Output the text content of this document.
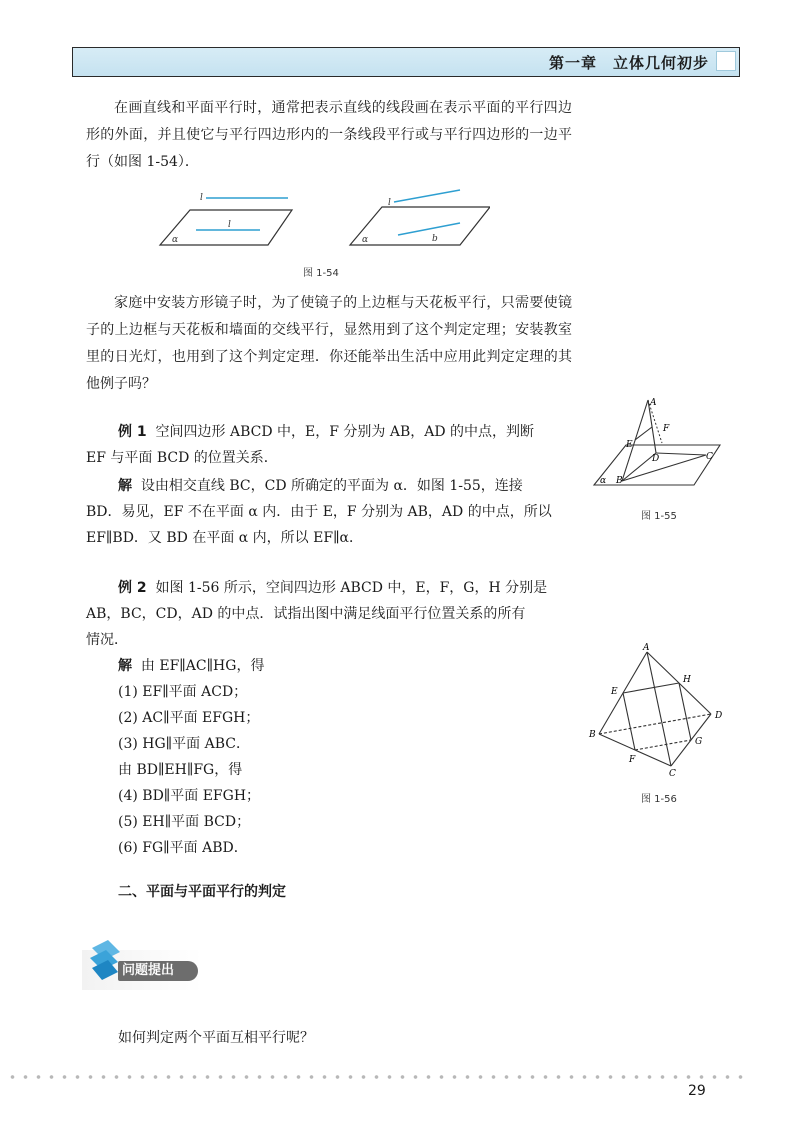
第一章　立体几何初步

在画直线和平面平行时，通常把表示直线的线段画在表示平面的平行四边形的外面，并且使它与平行四边形内的一条线段平行或与平行四边形的一边平行（如图 1-54）．

l
l
α
l
b
α
图 1-54

家庭中安装方形镜子时，为了使镜子的上边框与天花板平行，只需要使镜子的上边框与天花板和墙面的交线平行，显然用到了这个判定定理；安装教室里的日光灯，也用到了这个判定定理．你还能举出生活中应用此判定定理的其他例子吗？

例 1 空间四边形 ABCD 中，E，F 分别为 AB，AD 的中点，判断
EF 与平面 BCD 的位置关系．
解 设由相交直线 BC，CD 所确定的平面为 α．如图 1-55，连接
BD．易见，EF 不在平面 α 内．由于 E，F 分别为 AB，AD 的中点，所以
EF∥BD．又 BD 在平面 α 内，所以 EF∥α．
A
F
E
D	C
B
α
图 1-55
例 2 如图 1-56 所示，空间四边形 ABCD 中，E，F，G，H 分别是
AB，BC，CD，AD 的中点．试指出图中满足线面平行位置关系的所有
情况．
解 由 EF∥AC∥HG，得
(1) EF∥平面 ACD；
(2) AC∥平面 EFGH；
(3) HG∥平面 ABC．
由 BD∥EH∥FG，得
(4) BD∥平面 EFGH；
(5) EH∥平面 BCD；
(6) FG∥平面 ABD．
A
E
H
D
B
G
F
C
图 1-56
二、平面与平面平行的判定
问题提出
如何判定两个平面互相平行呢？
29
